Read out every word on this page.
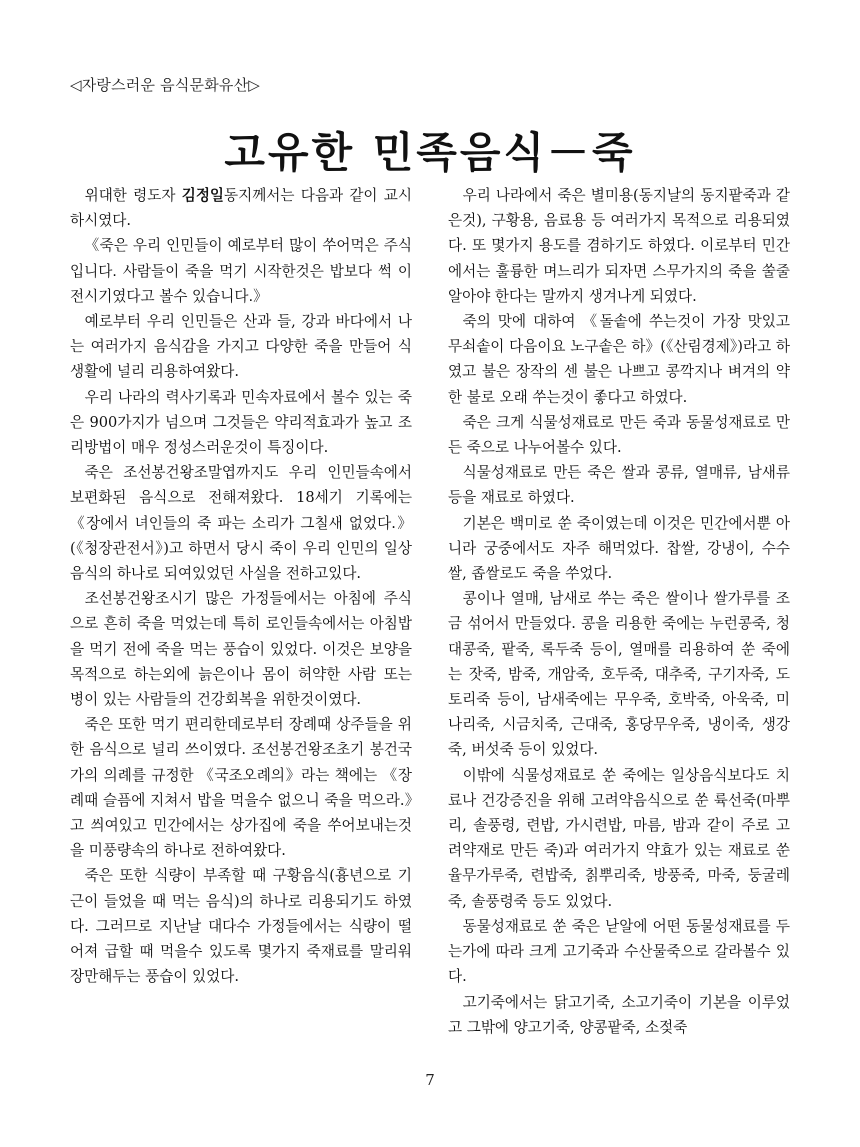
◁자랑스러운 음식문화유산▷
고유한 민족음식－죽

위대한 령도자 김정일동지께서는 다음과 같이 교시하시였다.

《죽은 우리 인민들이 예로부터 많이 쑤어먹은 주식입니다. 사람들이 죽을 먹기 시작한것은 밥보다 썩 이전시기였다고 볼수 있습니다.》

예로부터 우리 인민들은 산과 들, 강과 바다에서 나는 여러가지 음식감을 가지고 다양한 죽을 만들어 식생활에 널리 리용하여왔다.

우리 나라의 력사기록과 민속자료에서 볼수 있는 죽은 900가지가 넘으며 그것들은 약리적효과가 높고 조리방법이 매우 정성스러운것이 특징이다.

죽은 조선봉건왕조말엽까지도 우리 인민들속에서 보편화된 음식으로 전해져왔다. 18세기 기록에는 《장에서 녀인들의 죽 파는 소리가 그칠새 없었다.》(《청장관전서》)고 하면서 당시 죽이 우리 인민의 일상음식의 하나로 되여있었던 사실을 전하고있다.

조선봉건왕조시기 많은 가정들에서는 아침에 주식으로 흔히 죽을 먹었는데 특히 로인들속에서는 아침밥을 먹기 전에 죽을 먹는 풍습이 있었다. 이것은 보양을 목적으로 하는외에 늙은이나 몸이 허약한 사람 또는 병이 있는 사람들의 건강회복을 위한것이였다.

죽은 또한 먹기 편리한데로부터 장례때 상주들을 위한 음식으로 널리 쓰이였다. 조선봉건왕조초기 봉건국가의 의례를 규정한 《국조오례의》라는 책에는 《장례때 슬픔에 지쳐서 밥을 먹을수 없으니 죽을 먹으라.》고 씌여있고 민간에서는 상가집에 죽을 쑤어보내는것을 미풍량속의 하나로 전하여왔다.

죽은 또한 식량이 부족할 때 구황음식(흉년으로 기근이 들었을 때 먹는 음식)의 하나로 리용되기도 하였다. 그러므로 지난날 대다수 가정들에서는 식량이 떨어져 급할 때 먹을수 있도록 몇가지 죽재료를 말리워 장만해두는 풍습이 있었다.

우리 나라에서 죽은 별미용(동지날의 동지팥죽과 같은것), 구황용, 음료용 등 여러가지 목적으로 리용되였다. 또 몇가지 용도를 겸하기도 하였다. 이로부터 민간에서는 훌륭한 며느리가 되자면 스무가지의 죽을 쑬줄 알아야 한다는 말까지 생겨나게 되였다.

죽의 맛에 대하여 《돌솥에 쑤는것이 가장 맛있고 무쇠솥이 다음이요 노구솥은 하》(《산림경제》)라고 하였고 불은 장작의 센 불은 나쁘고 콩깍지나 벼겨의 약한 불로 오래 쑤는것이 좋다고 하였다.

죽은 크게 식물성재료로 만든 죽과 동물성재료로 만든 죽으로 나누어볼수 있다.

식물성재료로 만든 죽은 쌀과 콩류, 열매류, 남새류 등을 재료로 하였다.

기본은 백미로 쑨 죽이였는데 이것은 민간에서뿐 아니라 궁중에서도 자주 해먹었다. 찹쌀, 강냉이, 수수쌀, 좁쌀로도 죽을 쑤었다.

콩이나 열매, 남새로 쑤는 죽은 쌀이나 쌀가루를 조금 섞어서 만들었다. 콩을 리용한 죽에는 누런콩죽, 청대콩죽, 팥죽, 록두죽 등이, 열매를 리용하여 쑨 죽에는 잣죽, 밤죽, 개암죽, 호두죽, 대추죽, 구기자죽, 도토리죽 등이, 남새죽에는 무우죽, 호박죽, 아욱죽, 미나리죽, 시금치죽, 근대죽, 홍당무우죽, 냉이죽, 생강죽, 버섯죽 등이 있었다.

이밖에 식물성재료로 쑨 죽에는 일상음식보다도 치료나 건강증진을 위해 고려약음식으로 쑨 륙선죽(마뿌리, 솔풍령, 련밥, 가시련밥, 마름, 밤과 같이 주로 고려약재로 만든 죽)과 여러가지 약효가 있는 재료로 쑨 율무가루죽, 련밥죽, 칡뿌리죽, 방풍죽, 마죽, 둥굴레죽, 솔풍령죽 등도 있었다.

동물성재료로 쑨 죽은 낟알에 어떤 동물성재료를 두는가에 따라 크게 고기죽과 수산물죽으로 갈라볼수 있다.

고기죽에서는 닭고기죽, 소고기죽이 기본을 이루었고 그밖에 양고기죽, 양콩팥죽, 소젖죽

7
